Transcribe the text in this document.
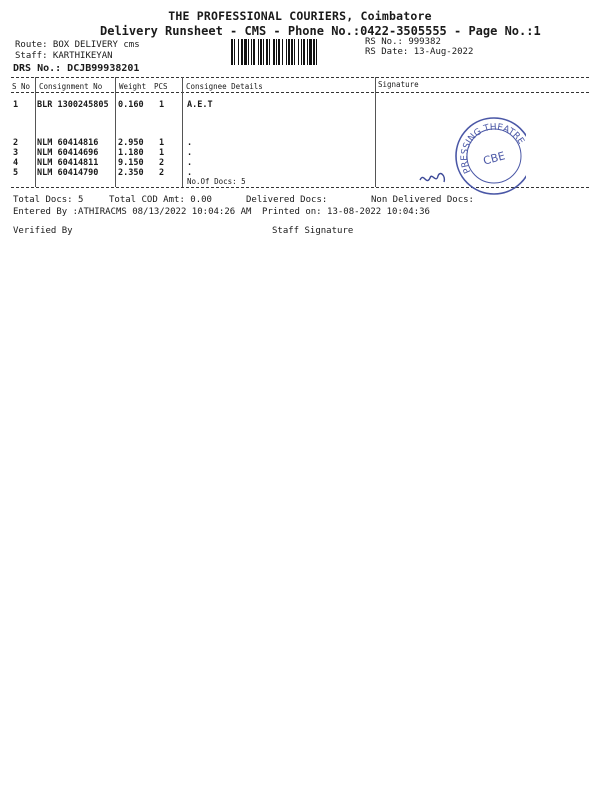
THE PROFESSIONAL COURIERS, Coimbatore
Delivery Runsheet - CMS - Phone No.:0422-3505555 - Page No.:1
Route: BOX DELIVERY cms
Staff: KARTHIKEYAN
DRS No.: DCJB99938201
RS No.: 999382
RS Date: 13-Aug-2022
S No Consignment No Weight PCS Consignee Details	Signature
1 BLR 1300245805 0.160 1	A.E.T
2 NLM 60414816 2.950 1	.
3 NLM 60414696 1.180 1	.
4 NLM 60414811 9.150 2	.
5 NLM 60414790 2.350 2	.
No.Of Docs: 5
PRESSING THEATRE
CBE
Total Docs: 5	Total COD Amt: 0.00	Delivered Docs:	Non Delivered Docs:
Entered By :ATHIRACMS 08/13/2022 10:04:26 AM Printed on: 13-08-2022 10:04:36
Verified By	Staff Signature
